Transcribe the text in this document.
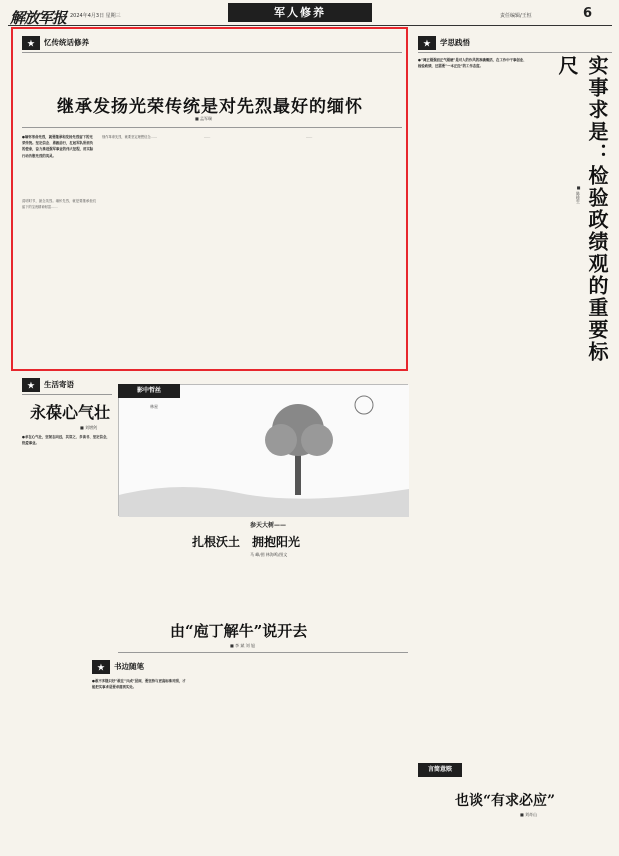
解放军报 2024年4月3日 星期三	军人修养	责任编辑/王恒	6
★	忆传统话修养
继承发扬光荣传统是对先烈最好的缅怀
■ 孟军瑞
●缅怀革命先烈，就要继承和发扬先烈留下的光荣传统。坚定信念、勇毅前行，扛起军队所肩负的使命，奋力推进强军事业的伟大征程，用实际行动告慰先烈的英灵。
清明时节，最念英烈。缅怀先烈，就是要继承他们留下的宝贵精神财富……
细作革命先烈，就要坚定理想信念……	……	……
★	学思践悟
●“调正刚强而正气刚硬”是对人的作风的准确概括，在工作中干事创业、检验政绩，还需要“一本正经”的工作态度。	实事求是：检验政绩观的重要标尺
■ 陈桂生
★	生活寄语
永葆心气壮
■ 刘增剑
●求在心气壮，坚韧志向远，其常之、多读书、坚定信念，热爱事业。
影中哲丝
林星
参天大树——
扎根沃土　拥抱阳光
马 峰/图 林海鸣/图文
由“庖丁解牛”说开去
■ 李 斌 刘 旭
★	书边随笔
●敢不多随只好“敢在”兴成”层面，要坚持与更高标准对照，才能把实事求是要求落到实处。
言简意赅
也谈“有求必应”
■ 刘奇山
